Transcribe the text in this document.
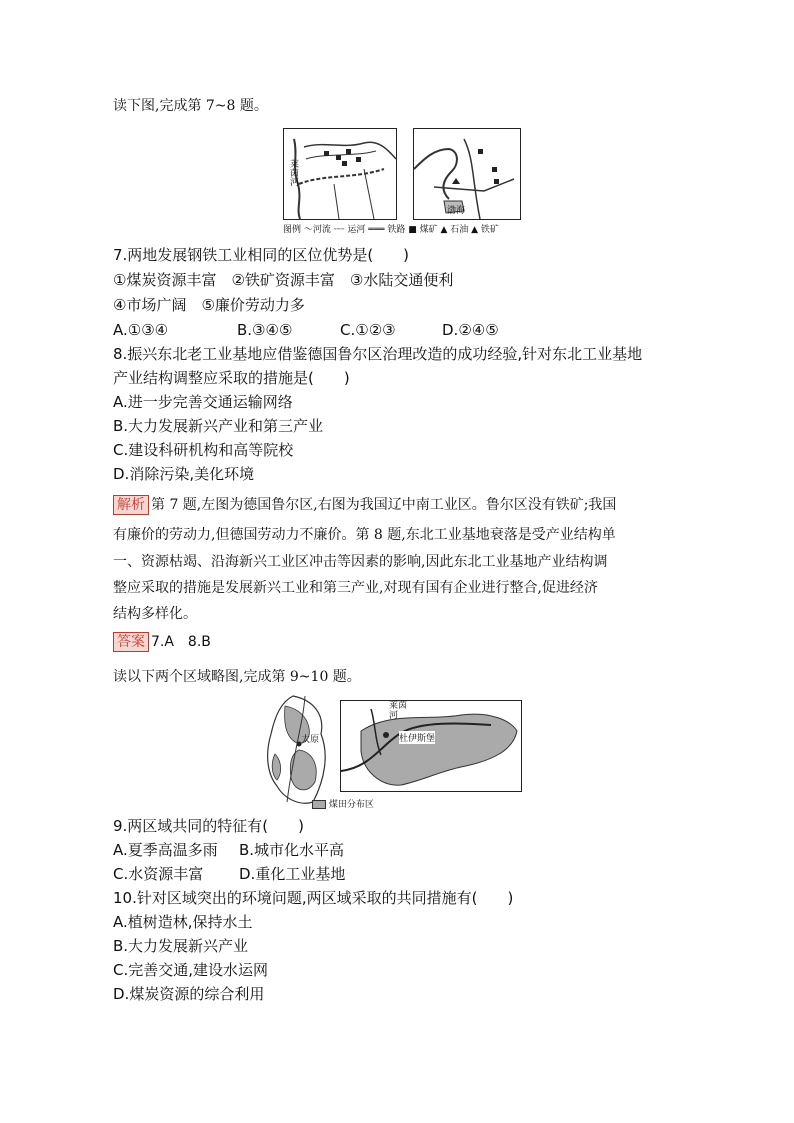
读下图,完成第 7~8 题。
莱茵河
渤海
图例 ～河流 ┈┈ 运河 ═══ 铁路 ■ 煤矿 ▲ 石油 ▲ 铁矿
7.两地发展钢铁工业相同的区位优势是(　　)
①煤炭资源丰富　②铁矿资源丰富　③水陆交通便利
④市场广阔　⑤廉价劳动力多
A.①③④	B.③④⑤	C.①②③	D.②④⑤
8.振兴东北老工业基地应借鉴德国鲁尔区治理改造的成功经验,针对东北工业基地
产业结构调整应采取的措施是(　　)
A.进一步完善交通运输网络
B.大力发展新兴产业和第三产业
C.建设科研机构和高等院校
D.消除污染,美化环境
解析 第 7 题,左图为德国鲁尔区,右图为我国辽中南工业区。鲁尔区没有铁矿;我国
有廉价的劳动力,但德国劳动力不廉价。第 8 题,东北工业基地衰落是受产业结构单
一、资源枯竭、沿海新兴工业区冲击等因素的影响,因此东北工业基地产业结构调
整应采取的措施是发展新兴工业和第三产业,对现有国有企业进行整合,促进经济
结构多样化。
答案 7.A　8.B
读以下两个区域略图,完成第 9~10 题。
太原
莱茵河
杜伊斯堡
煤田分布区
9.两区域共同的特征有(　　)
A.夏季高温多雨 B.城市化水平高
C.水资源丰富 D.重化工业基地
10.针对区域突出的环境问题,两区域采取的共同措施有(　　)
A.植树造林,保持水土
B.大力发展新兴产业
C.完善交通,建设水运网
D.煤炭资源的综合利用
